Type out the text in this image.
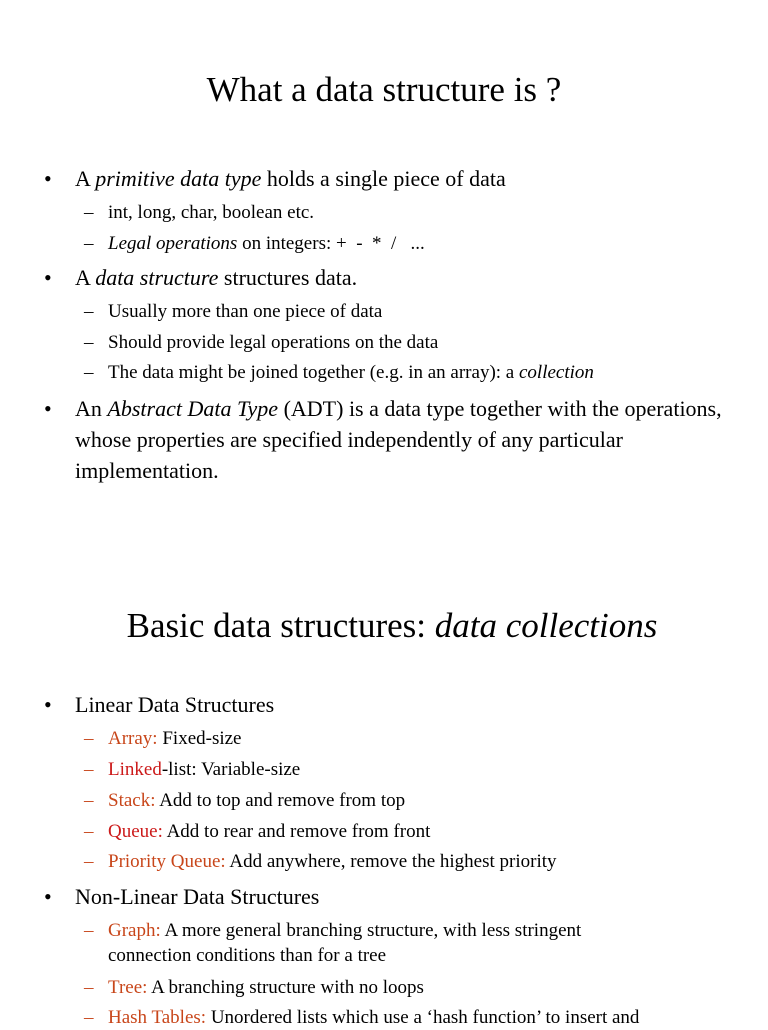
What a data structure is ?
• A primitive data type holds a single piece of data
– int, long, char, boolean etc.
– Legal operations on integers: +  -  *  /   ...
• A data structure structures data.
– Usually more than one piece of data
– Should provide legal operations on the data
– The data might be joined together (e.g. in an array): a collection
• An Abstract Data Type (ADT) is a data type together with the operations, whose properties are specified independently of any particular implementation.
Basic data structures: data collections
• Linear Data Structures
– Array: Fixed-size
– Linked-list: Variable-size
– Stack: Add to top and remove from top
– Queue: Add to rear and remove from front
– Priority Queue: Add anywhere, remove the highest priority
• Non-Linear Data Structures
– Graph: A more general branching structure, with less stringent connection conditions than for a tree
– Tree: A branching structure with no loops
– Hash Tables: Unordered lists which use a ‘hash function’ to insert and
